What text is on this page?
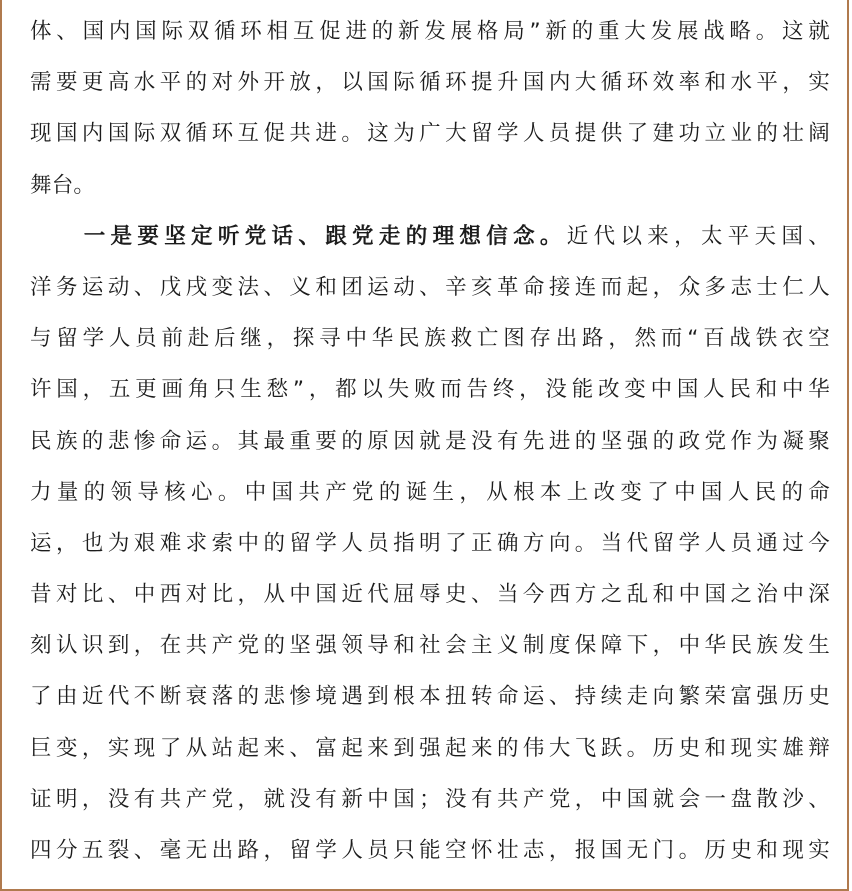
体、国内国际双循环相互促进的新发展格局”新的重大发展战略。这就
需要更高水平的对外开放，以国际循环提升国内大循环效率和水平，实
现国内国际双循环互促共进。这为广大留学人员提供了建功立业的壮阔
舞台。
　　一是要坚定听党话、跟党走的理想信念。近代以来，太平天国、
洋务运动、戊戌变法、义和团运动、辛亥革命接连而起，众多志士仁人
与留学人员前赴后继，探寻中华民族救亡图存出路，然而“百战铁衣空
许国，五更画角只生愁”，都以失败而告终，没能改变中国人民和中华
民族的悲惨命运。其最重要的原因就是没有先进的坚强的政党作为凝聚
力量的领导核心。中国共产党的诞生，从根本上改变了中国人民的命
运，也为艰难求索中的留学人员指明了正确方向。当代留学人员通过今
昔对比、中西对比，从中国近代屈辱史、当今西方之乱和中国之治中深
刻认识到，在共产党的坚强领导和社会主义制度保障下，中华民族发生
了由近代不断衰落的悲惨境遇到根本扭转命运、持续走向繁荣富强历史
巨变，实现了从站起来、富起来到强起来的伟大飞跃。历史和现实雄辩
证明，没有共产党，就没有新中国；没有共产党，中国就会一盘散沙、
四分五裂、毫无出路，留学人员只能空怀壮志，报国无门。历史和现实
